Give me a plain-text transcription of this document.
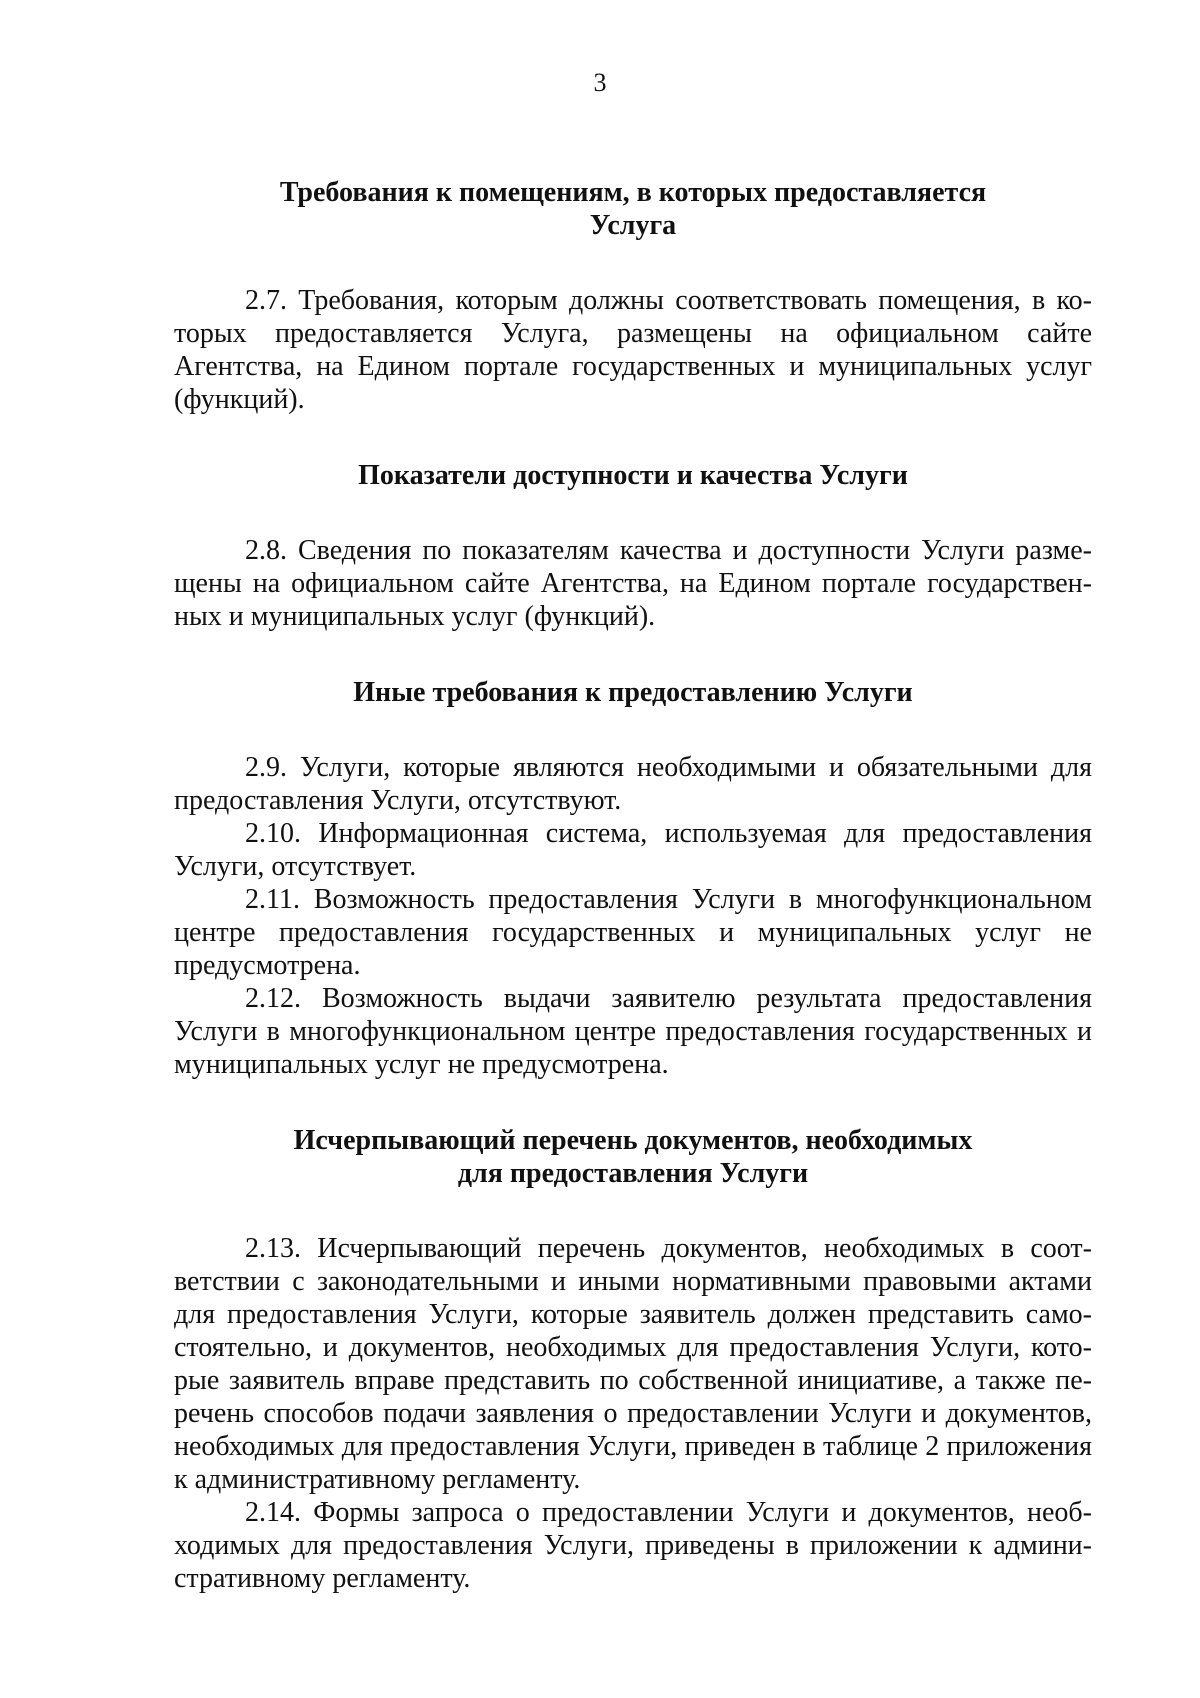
3
Требования к помещениям, в которых предоставляется
Услуга

2.7. Требования, которым должны соответствовать помещения, в которых предоставляется Услуга, размещены на официальном сайте Агентства, на Едином портале государственных и муниципальных услуг (функций).

Показатели доступности и качества Услуги

2.8. Сведения по показателям качества и доступности Услуги размещены на официальном сайте Агентства, на Едином портале государственных и муниципальных услуг (функций).

Иные требования к предоставлению Услуги

2.9. Услуги, которые являются необходимыми и обязательными для предоставления Услуги, отсутствуют.

2.10. Информационная система, используемая для предоставления Услуги, отсутствует.

2.11. Возможность предоставления Услуги в многофункциональном центре предоставления государственных и муниципальных услуг не предусмотрена.

2.12. Возможность выдачи заявителю результата предоставления Услуги в многофункциональном центре предоставления государственных и муниципальных услуг не предусмотрена.

Исчерпывающий перечень документов, необходимых
для предоставления Услуги

2.13. Исчерпывающий перечень документов, необходимых в соответствии с законодательными и иными нормативными правовыми актами для предоставления Услуги, которые заявитель должен представить самостоятельно, и документов, необходимых для предоставления Услуги, которые заявитель вправе представить по собственной инициативе, а также перечень способов подачи заявления о предоставлении Услуги и документов, необходимых для предоставления Услуги, приведен в таблице 2 приложения к административному регламенту.

2.14. Формы запроса о предоставлении Услуги и документов, необходимых для предоставления Услуги, приведены в приложении к административному регламенту.
